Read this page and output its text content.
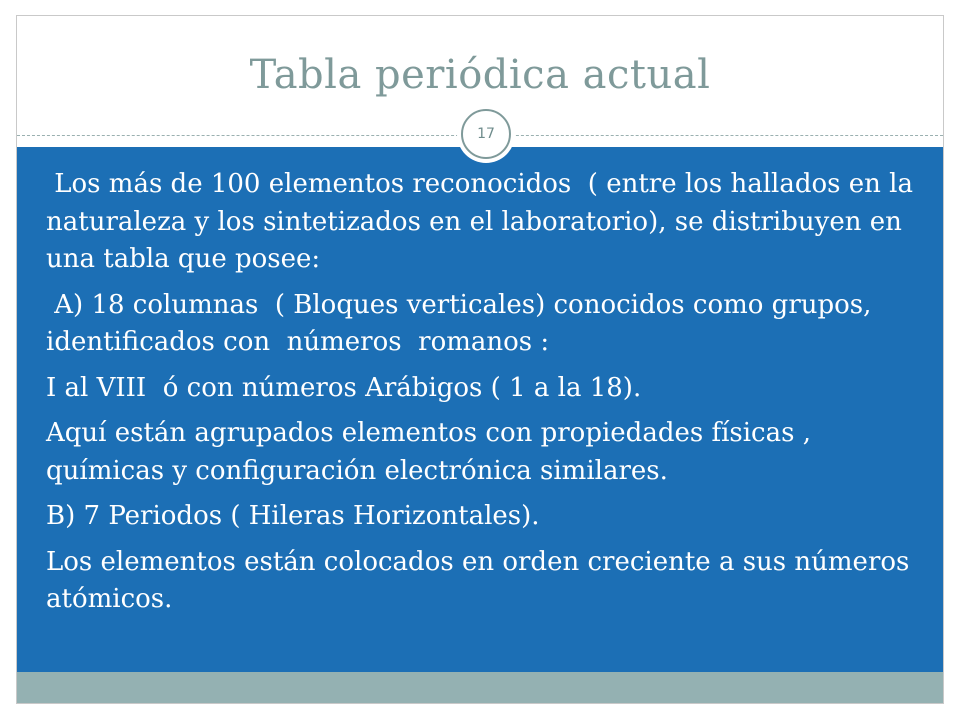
Tabla periódica actual
17

Los más de 100 elementos reconocidos  ( entre los hallados en la naturaleza y los sintetizados en el laboratorio), se distribuyen en una tabla que posee:

A) 18 columnas  ( Bloques verticales) conocidos como grupos, identificados con  números  romanos :

I al VIII  ó con números Arábigos ( 1 a la 18).

Aquí están agrupados elementos con propiedades físicas , químicas y configuración electrónica similares.

B) 7 Periodos ( Hileras Horizontales).

Los elementos están colocados en orden creciente a sus números atómicos.
